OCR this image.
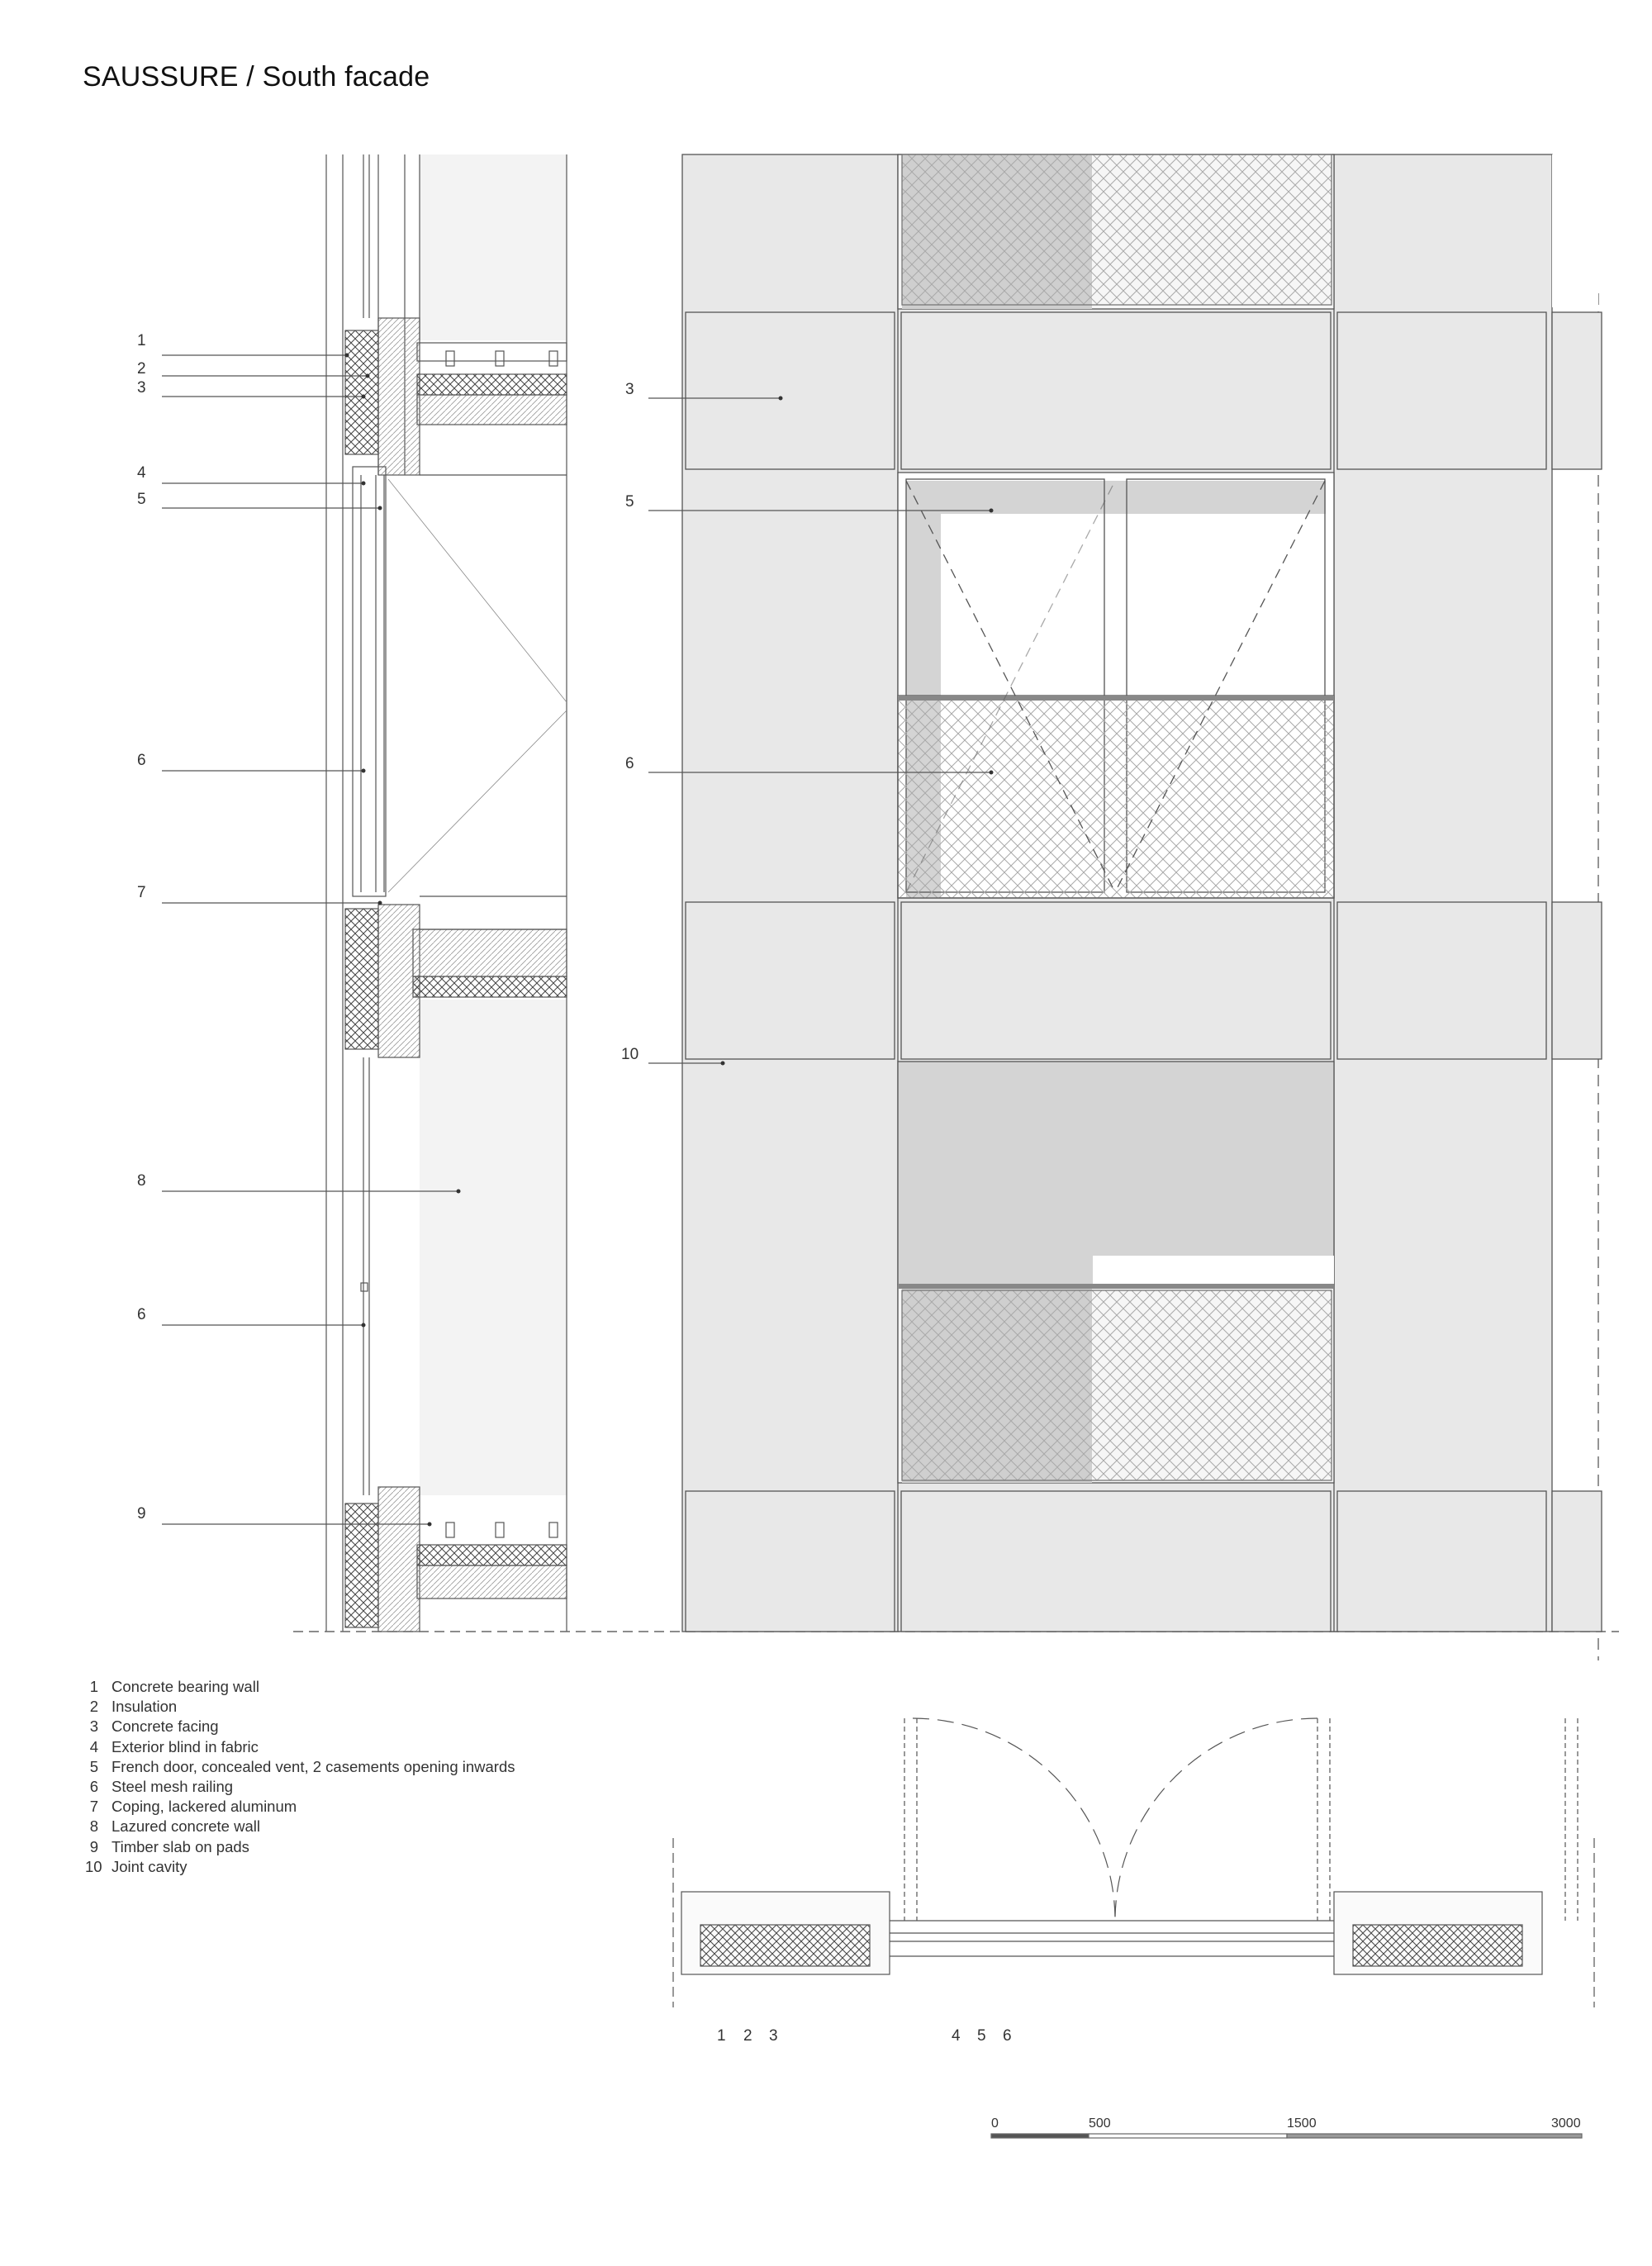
SAUSSURE / South facade
1
2
3
4
5
6
7
8
6
9
3
5
6
10
1 2 3	4 5 6
0	500	1500	3000
1 Concrete bearing wall
2 Insulation
3 Concrete facing
4 Exterior blind in fabric
5 French door, concealed vent, 2 casements opening inwards
6 Steel mesh railing
7 Coping, lackered aluminum
8 Lazured concrete wall
9 Timber slab on pads
10 Joint cavity
